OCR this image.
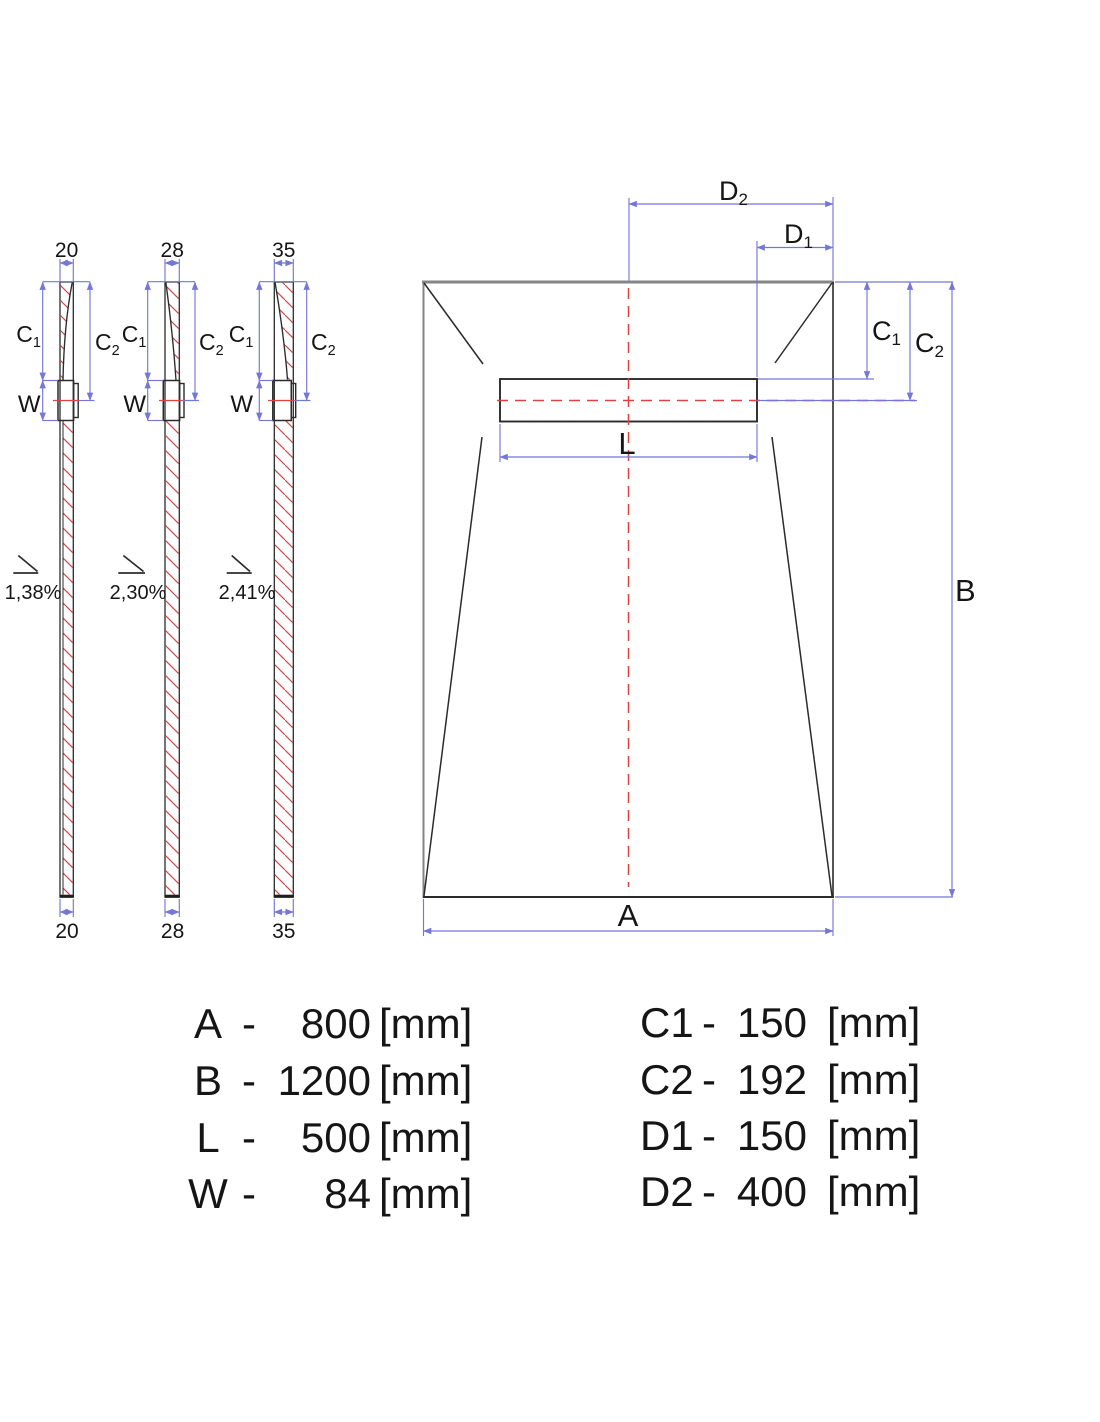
1,38%
20
20
$C_1$ $C_2$
W
2,30%
28
28
$C_1$ $C_2$
W
2,41%
35
35
$C_1$	$C_2$
W
D2
D1
C1 C2
B
A
L
A - 800 [mm]
B - 1200 [mm]
L - 500 [mm]
W - 84 [mm]
C1 - 150 [mm]
C2 - 192 [mm]
D1 - 150 [mm]
D2 - 400 [mm]
